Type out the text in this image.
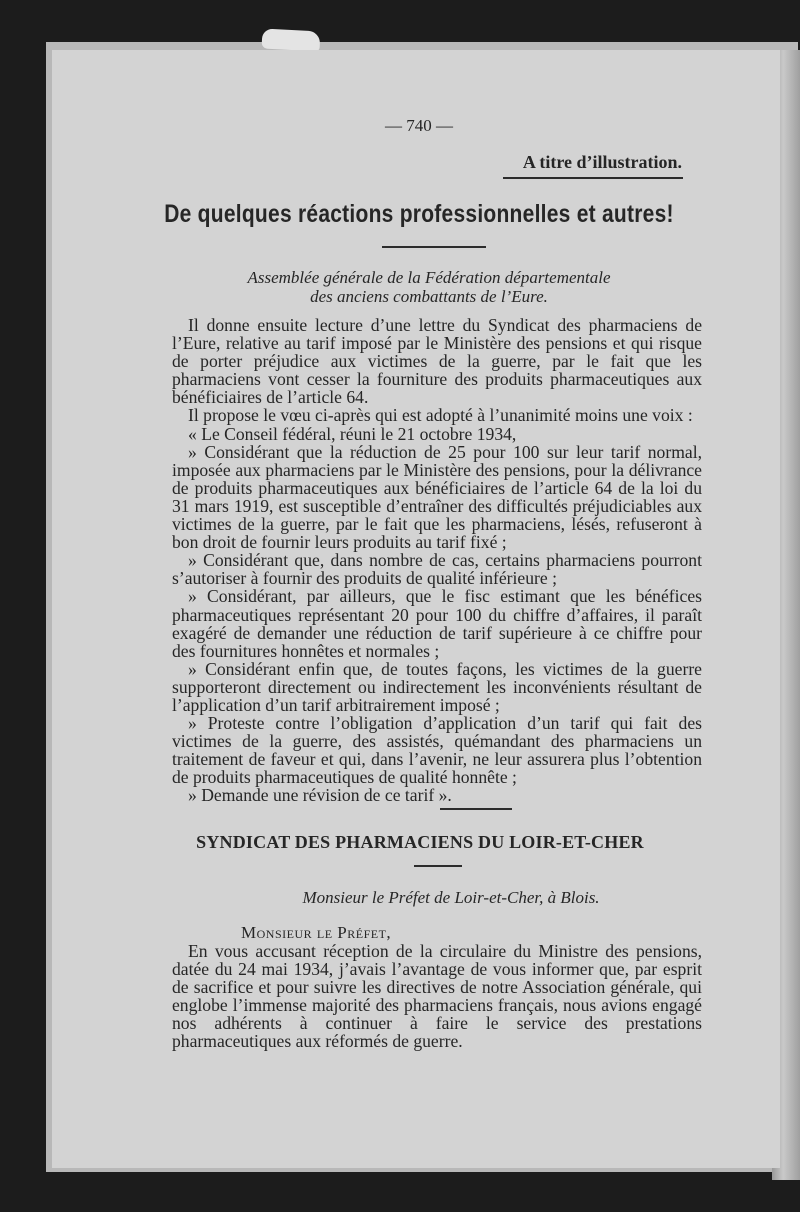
— 740 —
A titre d’illustration.
De quelques réactions professionnelles et autres!
Assemblée générale de la Fédération départementale
des anciens combattants de l’Eure.

Il donne ensuite lecture d’une lettre du Syndicat des pharmaciens de l’Eure, relative au tarif imposé par le Ministère des pensions et qui risque de porter préjudice aux victimes de la guerre, par le fait que les pharmaciens vont cesser la fourniture des produits pharmaceutiques aux bénéficiaires de l’article 64.

Il propose le vœu ci-après qui est adopté à l’unanimité moins une voix :

« Le Conseil fédéral, réuni le 21 octobre 1934,

» Considérant que la réduction de 25 pour 100 sur leur tarif normal, imposée aux pharmaciens par le Ministère des pensions, pour la délivrance de produits pharmaceutiques aux bénéficiaires de l’article 64 de la loi du 31 mars 1919, est susceptible d’entraîner des difficultés préjudiciables aux victimes de la guerre, par le fait que les pharmaciens, lésés, refuseront à bon droit de fournir leurs produits au tarif fixé ;

» Considérant que, dans nombre de cas, certains pharmaciens pourront s’autoriser à fournir des produits de qualité inférieure ;

» Considérant, par ailleurs, que le fisc estimant que les bénéfices pharmaceutiques représentant 20 pour 100 du chiffre d’affaires, il paraît exagéré de demander une réduction de tarif supérieure à ce chiffre pour des fournitures honnêtes et normales ;

» Considérant enfin que, de toutes façons, les victimes de la guerre supporteront directement ou indirectement les inconvénients résultant de l’application d’un tarif arbitrairement imposé ;

» Proteste contre l’obligation d’application d’un tarif qui fait des victimes de la guerre, des assistés, quémandant des pharmaciens un traitement de faveur et qui, dans l’avenir, ne leur assurera plus l’obtention de produits pharmaceutiques de qualité honnête ;

» Demande une révision de ce tarif ».

SYNDICAT DES PHARMACIENS DU LOIR-ET-CHER
Monsieur le Préfet de Loir-et-Cher, à Blois.
Monsieur le Préfet,

En vous accusant réception de la circulaire du Ministre des pensions, datée du 24 mai 1934, j’avais l’avantage de vous informer que, par esprit de sacrifice et pour suivre les directives de notre Association générale, qui englobe l’immense majorité des pharmaciens français, nous avions engagé nos adhérents à continuer à faire le service des prestations pharmaceutiques aux réformés de guerre.
